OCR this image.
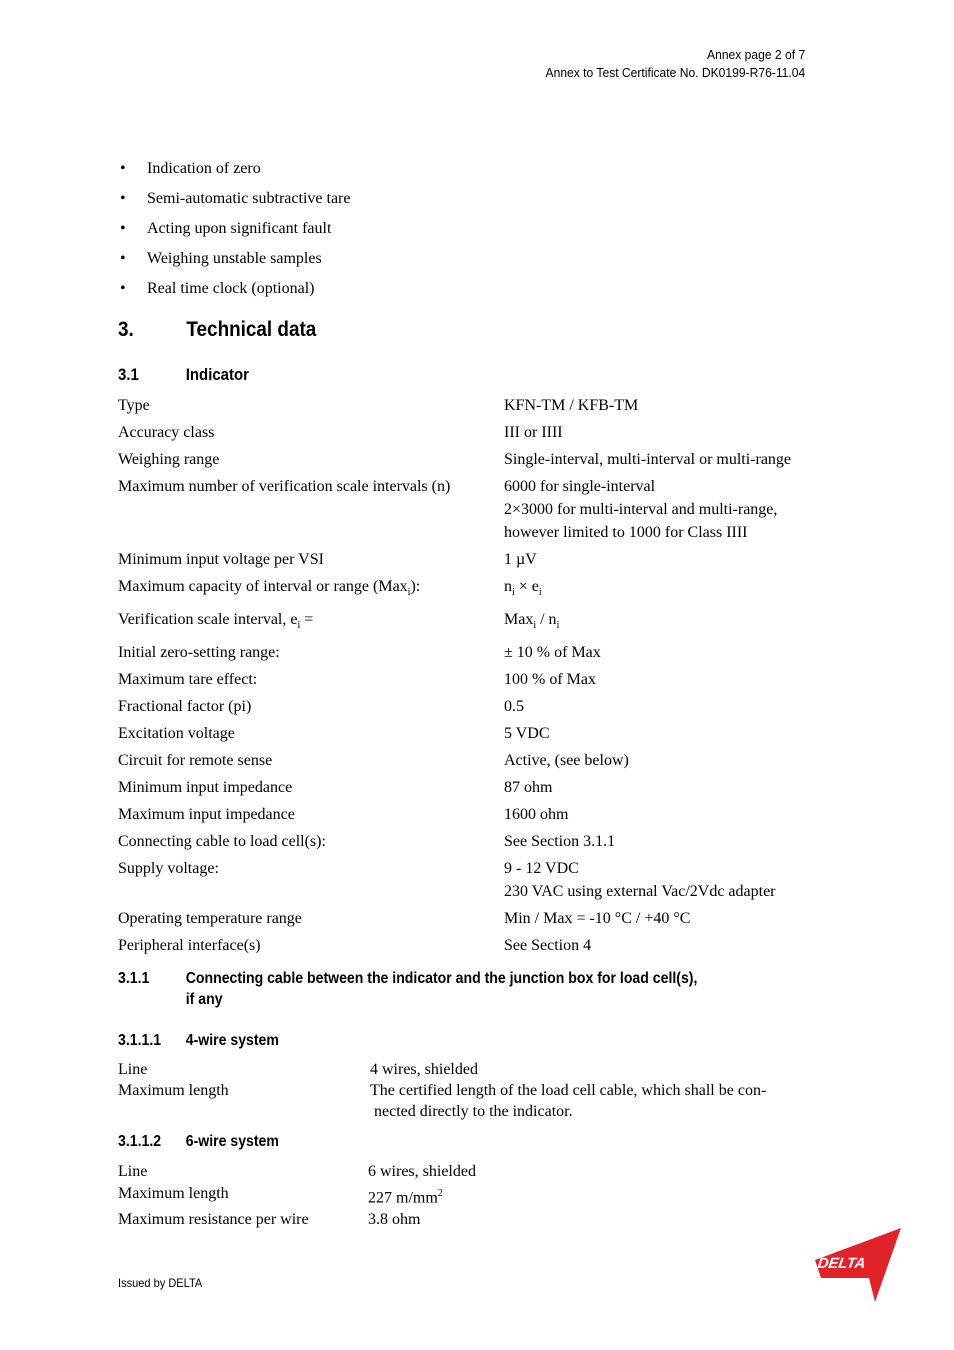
Annex page 2 of 7
Annex to Test Certificate No. DK0199-R76-11.04
• Indication of zero
• Semi-automatic subtractive tare
• Acting upon significant fault
• Weighing unstable samples
• Real time clock (optional)
3.	Technical data
3.1	Indicator
Type	KFN-TM / KFB-TM
Accuracy class	III or IIII
Weighing range	Single-interval, multi-interval or multi-range
Maximum number of verification scale intervals (n)	6000 for single-interval
2×3000 for multi-interval and multi-range,
however limited to 1000 for Class IIII
Minimum input voltage per VSI	1 µV
Maximum capacity of interval or range (Max$_i$):	$n_i \times e_i$
Verification scale interval, $e_i$ =	$Max_i / n_i$
Initial zero-setting range:	± 10 % of Max
Maximum tare effect:	100 % of Max
Fractional factor (pi)	0.5
Excitation voltage	5 VDC
Circuit for remote sense	Active, (see below)
Minimum input impedance	87 ohm
Maximum input impedance	1600 ohm
Connecting cable to load cell(s):	See Section 3.1.1
Supply voltage:	9 - 12 VDC
230 VAC using external Vac/2Vdc adapter
Operating temperature range	Min / Max = -10 °C / +40 °C
Peripheral interface(s)	See Section 4
3.1.1 Connecting cable between the indicator and the junction box for load cell(s),
if any
3.1.1.1 4-wire system
Line	4 wires, shielded
Maximum length	The certified length of the load cell cable, which shall be con-
nected directly to the indicator.
3.1.1.2 6-wire system
Line	6 wires, shielded
Maximum length	227 $m/mm^2$
Maximum resistance per wire	3.8 ohm
Issued by DELTA
DELTA
